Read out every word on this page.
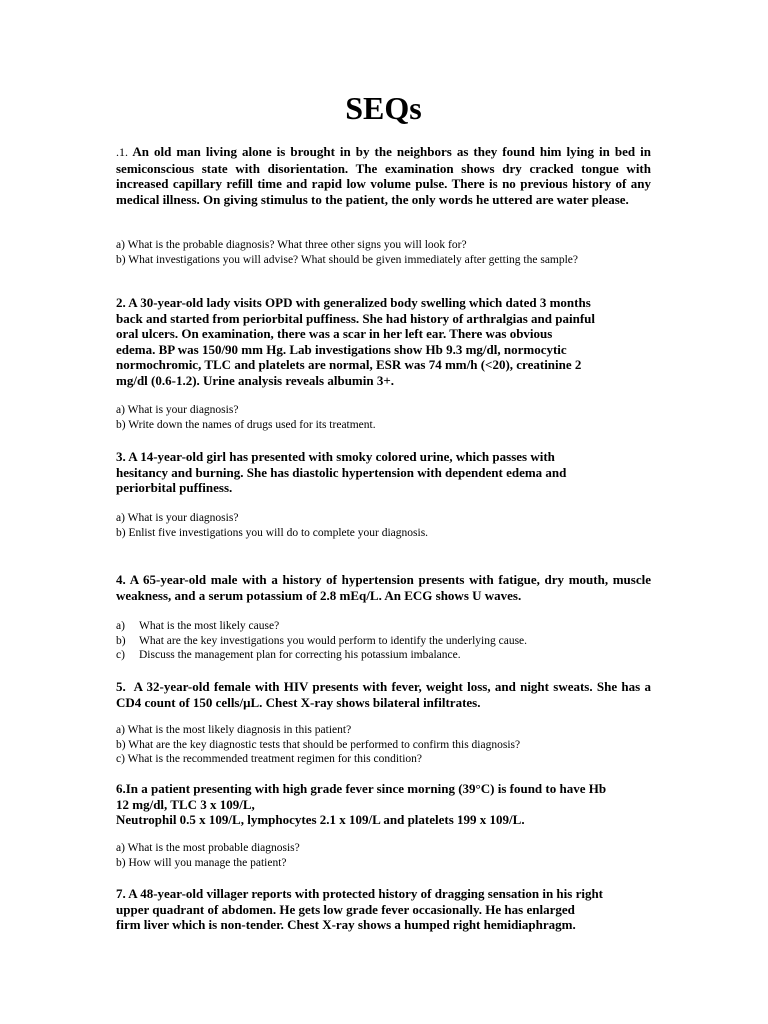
SEQs

.1. An old man living alone is brought in by the neighbors as they found him lying in bed in semiconscious state with disorientation. The examination shows dry cracked tongue with increased capillary refill time and rapid low volume pulse. There is no previous history of any medical illness. On giving stimulus to the patient, the only words he uttered are water please.

a) What is the probable diagnosis? What three other signs you will look for?

b) What investigations you will advise? What should be given immediately after getting the sample?

2. A 30-year-old lady visits OPD with generalized body swelling which dated 3 months
back and started from periorbital puffiness. She had history of arthralgias and painful
oral ulcers. On examination, there was a scar in her left ear. There was obvious
edema. BP was 150/90 mm Hg. Lab investigations show Hb 9.3 mg/dl, normocytic
normochromic, TLC and platelets are normal, ESR was 74 mm/h (<20), creatinine 2
mg/dl (0.6-1.2). Urine analysis reveals albumin 3+.

a) What is your diagnosis?

b) Write down the names of drugs used for its treatment.

3. A 14-year-old girl has presented with smoky colored urine, which passes with
hesitancy and burning. She has diastolic hypertension with dependent edema and
periorbital puffiness.

a) What is your diagnosis?

b) Enlist five investigations you will do to complete your diagnosis.

4. A 65-year-old male with a history of hypertension presents with fatigue, dry mouth, muscle weakness, and a serum potassium of 2.8 mEq/L. An ECG shows U waves.

a)	What is the most likely cause?
b)	What are the key investigations you would perform to identify the underlying cause.
c)	Discuss the management plan for correcting his potassium imbalance.

5. A 32-year-old female with HIV presents with fever, weight loss, and night sweats. She has a CD4 count of 150 cells/μL. Chest X-ray shows bilateral infiltrates.

a) What is the most likely diagnosis in this patient?

b) What are the key diagnostic tests that should be performed to confirm this diagnosis?

c) What is the recommended treatment regimen for this condition?

6.In a patient presenting with high grade fever since morning (39°C) is found to have Hb
12 mg/dl, TLC 3 x 109/L,
Neutrophil 0.5 x 109/L, lymphocytes 2.1 x 109/L and platelets 199 x 109/L.

a) What is the most probable diagnosis?

b) How will you manage the patient?

7. A 48-year-old villager reports with protected history of dragging sensation in his right
upper quadrant of abdomen. He gets low grade fever occasionally. He has enlarged
firm liver which is non-tender. Chest X-ray shows a humped right hemidiaphragm.
